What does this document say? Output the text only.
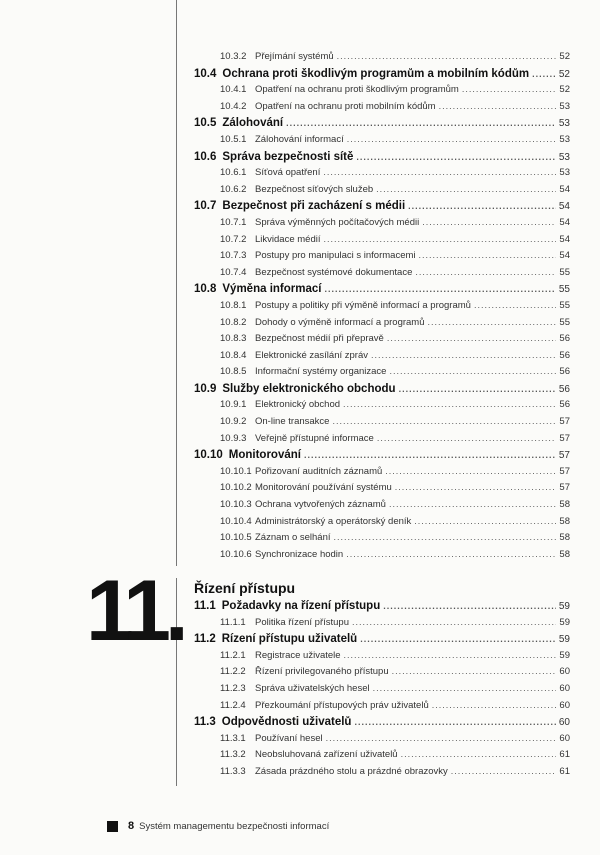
10.3.2 Přejímání systémů .....	52
10.4 Ochrana proti škodlivým programům a mobilním kódům .....	52
10.4.1 Opatření na ochranu proti škodlivým programům .....	52
10.4.2 Opatření na ochranu proti mobilním kódům .....	53
10.5 Zálohování .....	53
10.5.1 Zálohování informací .....	53
10.6 Správa bezpečnosti sítě .....	53
10.6.1 Síťová opatření .....	53
10.6.2 Bezpečnost síťových služeb .....	54
10.7 Bezpečnost při zacházení s médii .....	54
10.7.1 Správa výměnných počítačových médii .....	54
10.7.2 Likvidace médií .....	54
10.7.3 Postupy pro manipulaci s informacemi .....	54
10.7.4 Bezpečnost systémové dokumentace .....	55
10.8 Výměna informací .....	55
10.8.1 Postupy a politiky při výměně informací a programů .....	55
10.8.2 Dohody o výměně informací a programů .....	55
10.8.3 Bezpečnost médií při přepravě .....	56
10.8.4 Elektronické zasílání zpráv .....	56
10.8.5 Informační systémy organizace .....	56
10.9 Služby elektronického obchodu .....	56
10.9.1 Elektronický obchod .....	56
10.9.2 On-line transakce .....	57
10.9.3 Veřejně přístupné informace .....	57
10.10 Monitorování .....	57
10.10.1 Pořizovaní auditních záznamů .....	57
10.10.2 Monitorování používání systému .....	57
10.10.3 Ochrana vytvořených záznamů .....	58
10.10.4 Administrátorský a operátorský deník .....	58
10.10.5 Záznam o selhání .....	58
10.10.6 Synchronizace hodin .....	58
11. Řízení přístupu
11.1 Požadavky na řízení přístupu .....	59
11.1.1 Politika řízení přístupu .....	59
11.2 Řízení přístupu uživatelů .....	59
11.2.1 Registrace uživatele .....	59
11.2.2 Řízení privilegovaného přístupu .....	60
11.2.3 Správa uživatelských hesel .....	60
11.2.4 Přezkoumání přístupových práv uživatelů .....	60
11.3 Odpovědnosti uživatelů .....	60
11.3.1 Používaní hesel .....	60
11.3.2 Neobsluhovaná zařízení uživatelů .....	61
11.3.3 Zásada prázdného stolu a prázdné obrazovky .....	61
8 Systém managementu bezpečnosti informací
